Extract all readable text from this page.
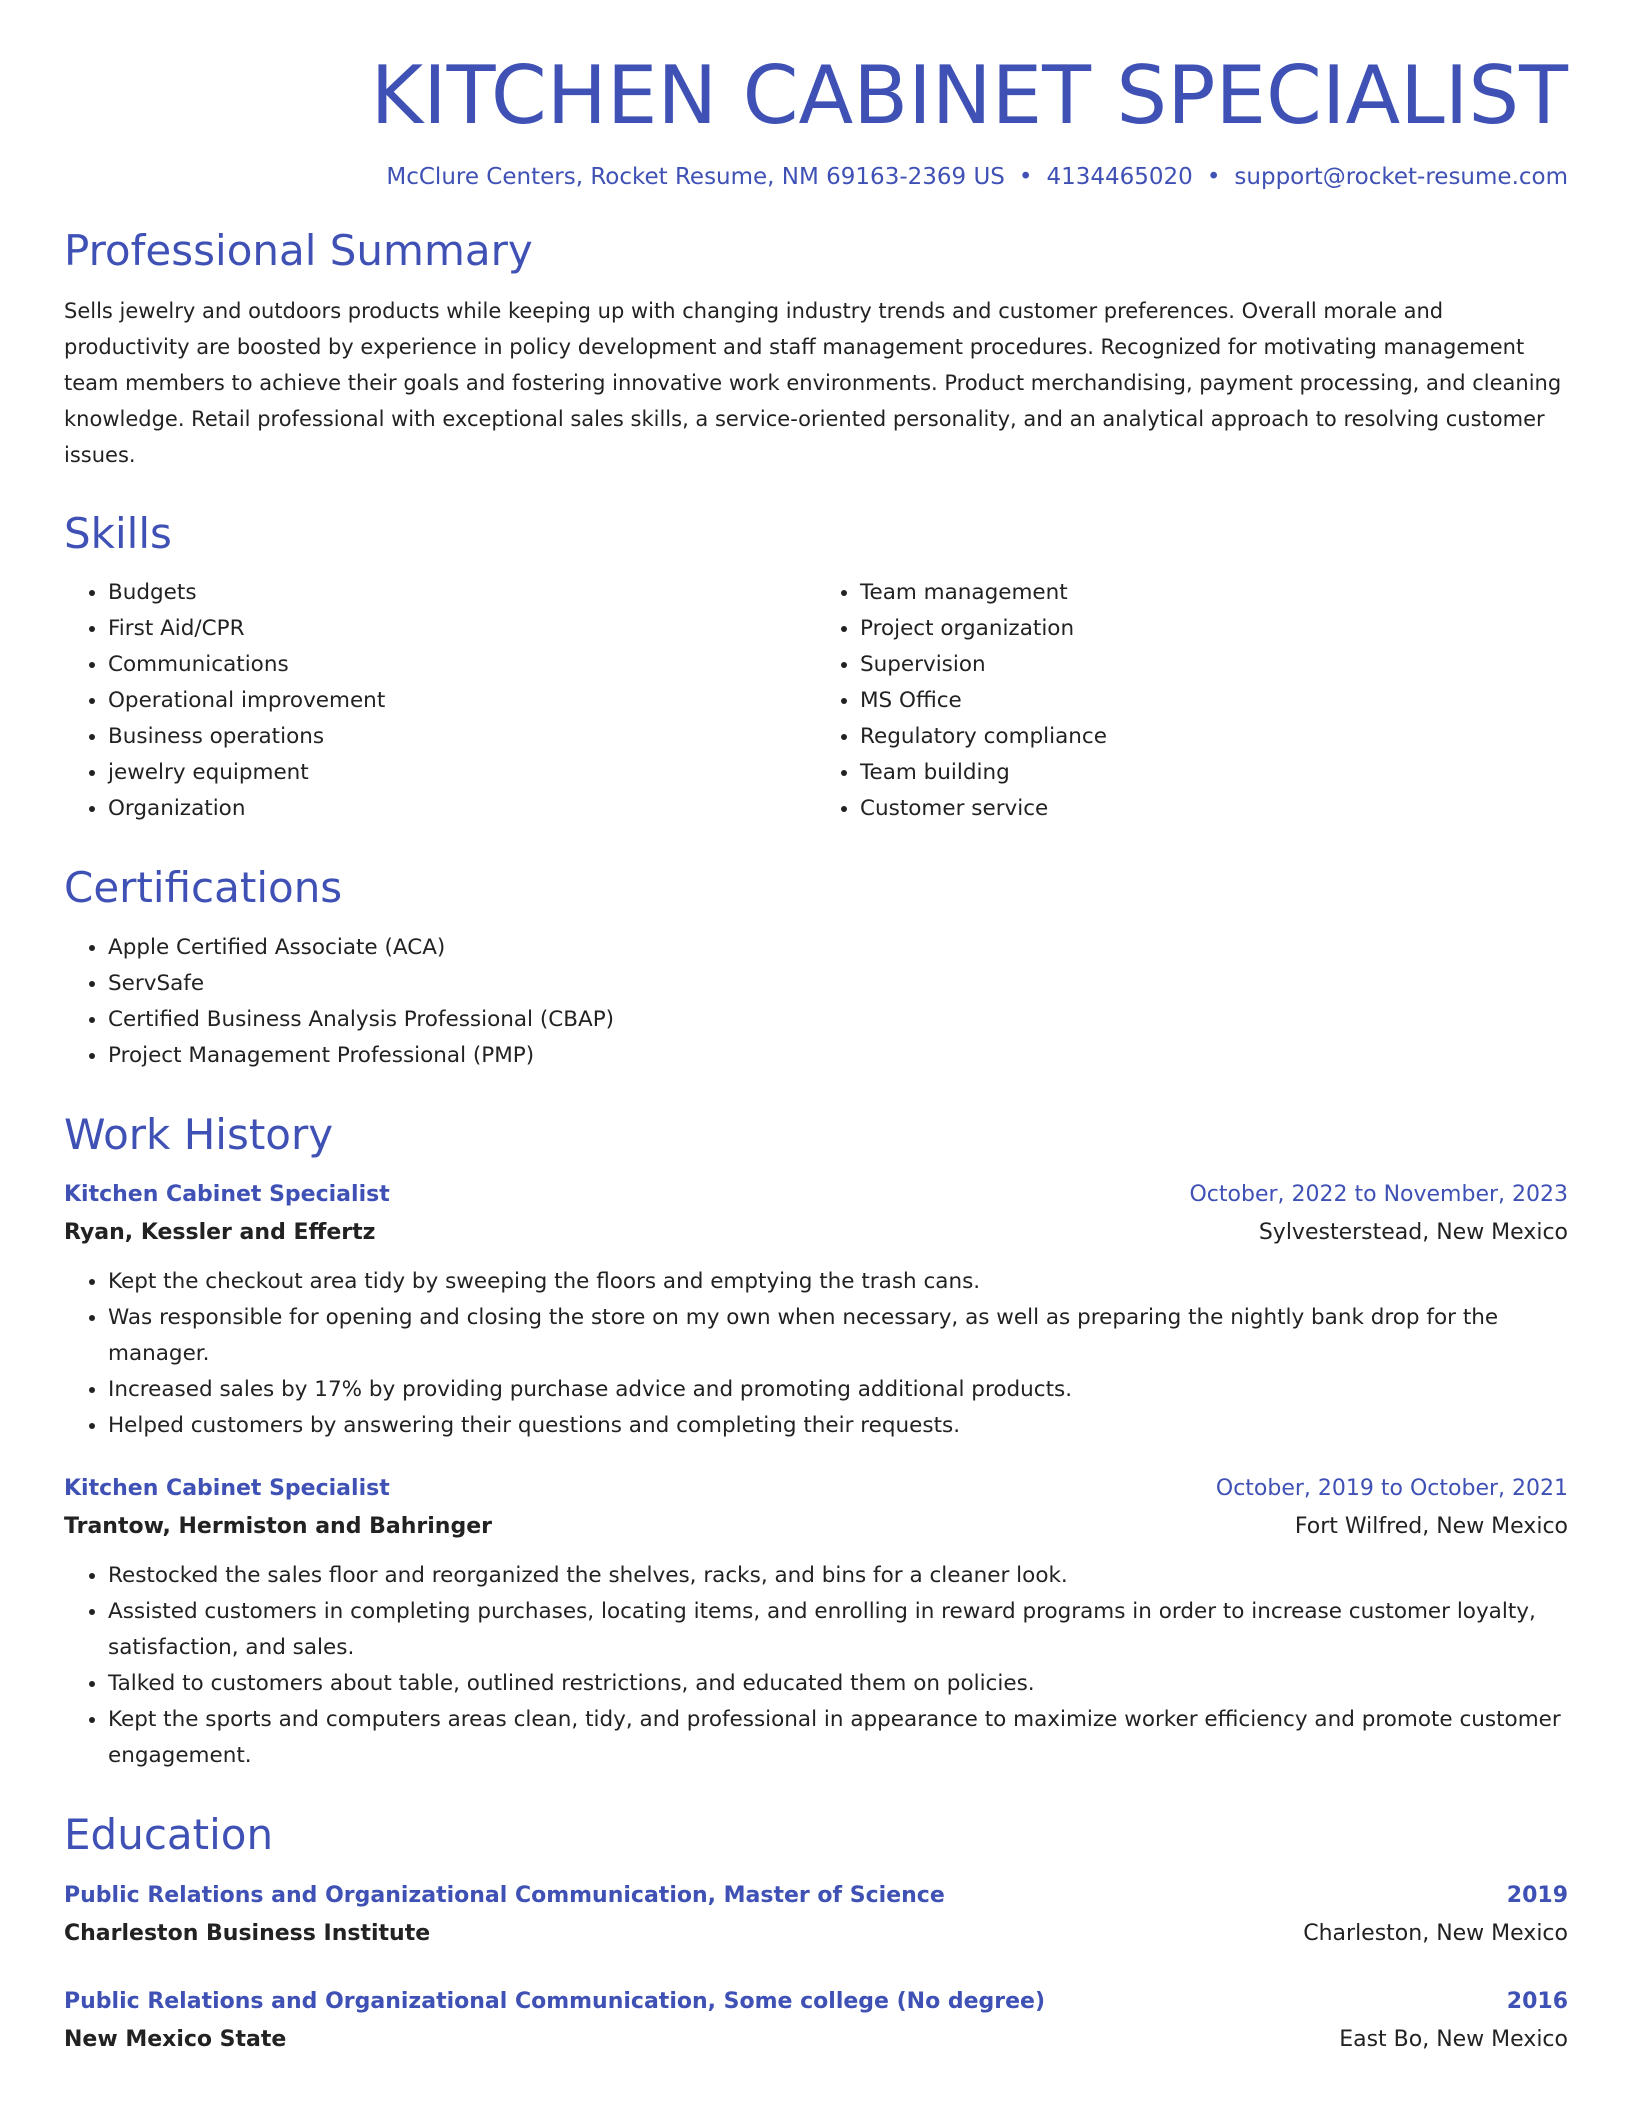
KITCHEN CABINET SPECIALIST
McClure Centers, Rocket Resume, NM 69163-2369 US • 4134465020 • support@rocket-resume.com
Professional Summary

Sells jewelry and outdoors products while keeping up with changing industry trends and customer preferences. Overall morale and productivity are boosted by experience in policy development and staff management procedures. Recognized for motivating management team members to achieve their goals and fostering innovative work environments. Product merchandising, payment processing, and cleaning knowledge. Retail professional with exceptional sales skills, a service-oriented personality, and an analytical approach to resolving customer issues.

Skills
• Budgets
• First Aid/CPR
• Communications
• Operational improvement
• Business operations
• jewelry equipment
• Organization
• Team management
• Project organization
• Supervision
• MS Office
• Regulatory compliance
• Team building
• Customer service
Certifications
• Apple Certified Associate (ACA)
• ServSafe
• Certified Business Analysis Professional (CBAP)
• Project Management Professional (PMP)
Work History
Kitchen Cabinet Specialist	October, 2022 to November, 2023
Ryan, Kessler and Effertz	Sylvesterstead, New Mexico
• Kept the checkout area tidy by sweeping the floors and emptying the trash cans.
• Was responsible for opening and closing the store on my own when necessary, as well as preparing the nightly bank drop for the manager.
• Increased sales by 17% by providing purchase advice and promoting additional products.
• Helped customers by answering their questions and completing their requests.
Kitchen Cabinet Specialist	October, 2019 to October, 2021
Trantow, Hermiston and Bahringer	Fort Wilfred, New Mexico
• Restocked the sales floor and reorganized the shelves, racks, and bins for a cleaner look.
• Assisted customers in completing purchases, locating items, and enrolling in reward programs in order to increase customer loyalty, satisfaction, and sales.
• Talked to customers about table, outlined restrictions, and educated them on policies.
• Kept the sports and computers areas clean, tidy, and professional in appearance to maximize worker efficiency and promote customer engagement.
Education
Public Relations and Organizational Communication, Master of Science	2019
Charleston Business Institute	Charleston, New Mexico
Public Relations and Organizational Communication, Some college (No degree)	2016
New Mexico State	East Bo, New Mexico
